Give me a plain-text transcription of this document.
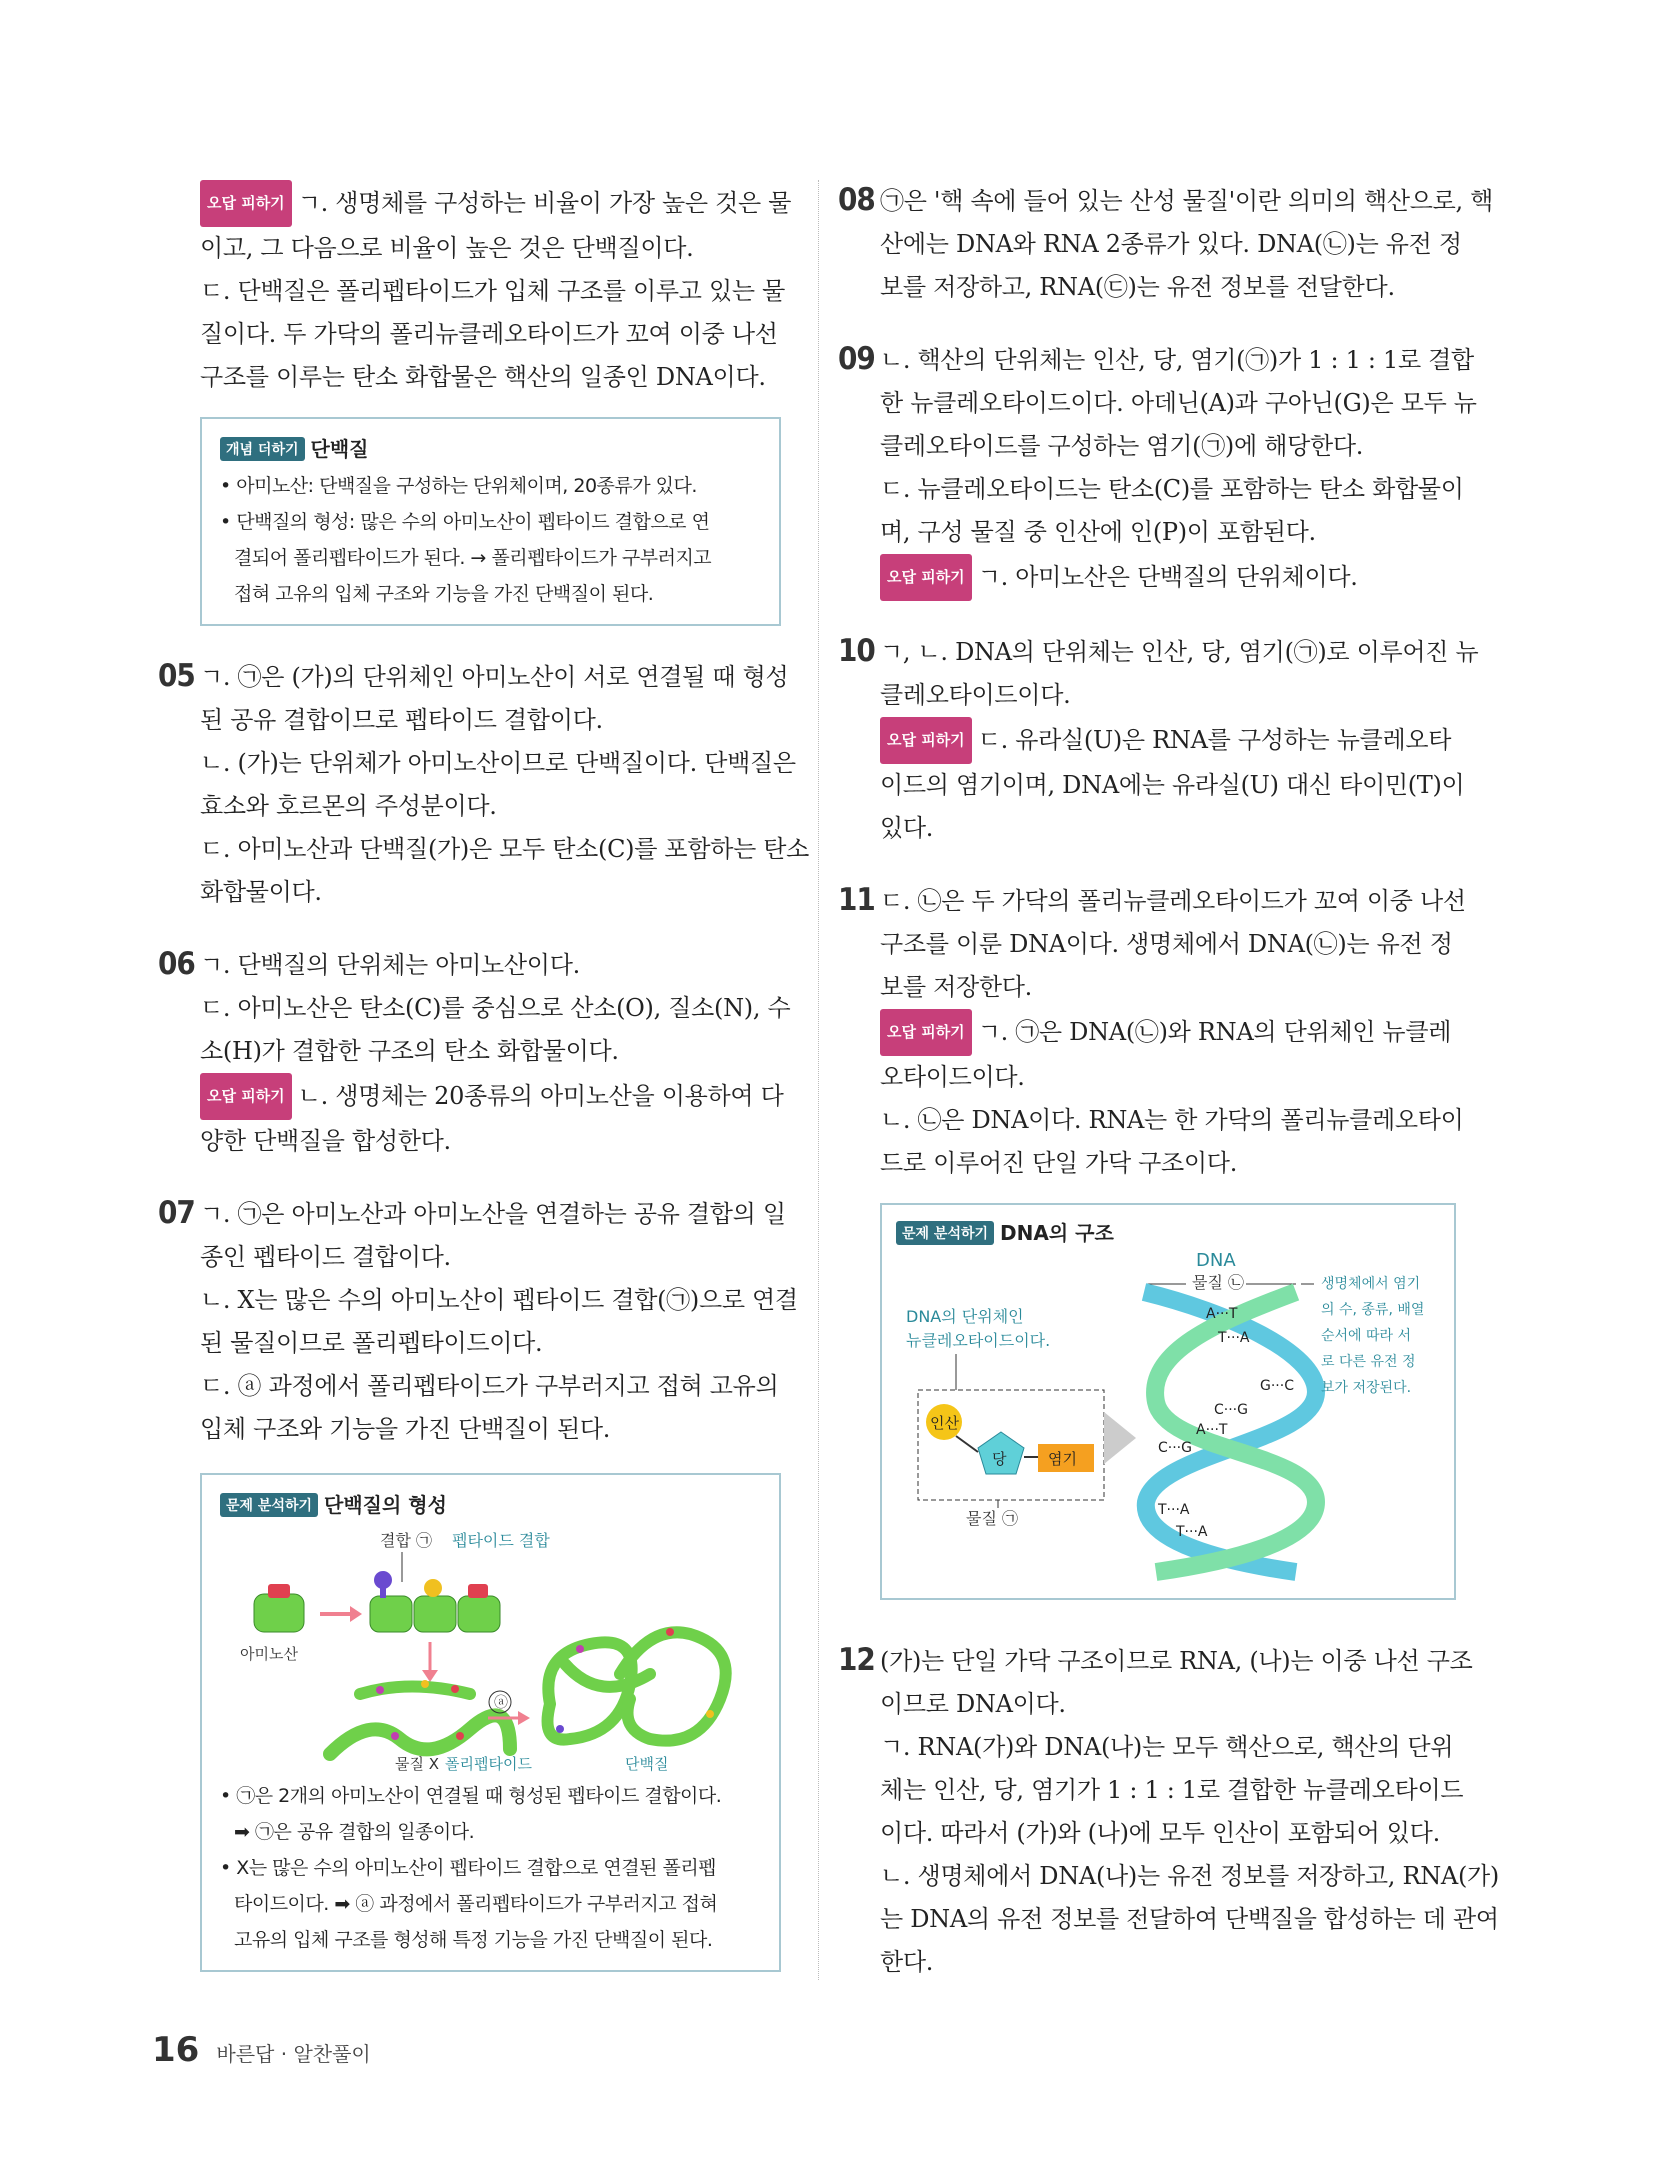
오답 피하기 ㄱ. 생명체를 구성하는 비율이 가장 높은 것은 물

이고, 그 다음으로 비율이 높은 것은 단백질이다.

ㄷ. 단백질은 폴리펩타이드가 입체 구조를 이루고 있는 물

질이다. 두 가닥의 폴리뉴클레오타이드가 꼬여 이중 나선

구조를 이루는 탄소 화합물은 핵산의 일종인 DNA이다.

개념 더하기 단백질

• 아미노산: 단백질을 구성하는 단위체이며, 20종류가 있다.

• 단백질의 형성: 많은 수의 아미노산이 펩타이드 결합으로 연

결되어 폴리펩타이드가 된다. → 폴리펩타이드가 구부러지고

접혀 고유의 입체 구조와 기능을 가진 단백질이 된다.

05 ㄱ. ㉠은 (가)의 단위체인 아미노산이 서로 연결될 때 형성

된 공유 결합이므로 펩타이드 결합이다.

ㄴ. (가)는 단위체가 아미노산이므로 단백질이다. 단백질은

효소와 호르몬의 주성분이다.

ㄷ. 아미노산과 단백질(가)은 모두 탄소(C)를 포함하는 탄소

화합물이다.

06 ㄱ. 단백질의 단위체는 아미노산이다.

ㄷ. 아미노산은 탄소(C)를 중심으로 산소(O), 질소(N), 수

소(H)가 결합한 구조의 탄소 화합물이다.

오답 피하기 ㄴ. 생명체는 20종류의 아미노산을 이용하여 다

양한 단백질을 합성한다.

07 ㄱ. ㉠은 아미노산과 아미노산을 연결하는 공유 결합의 일

종인 펩타이드 결합이다.

ㄴ. X는 많은 수의 아미노산이 펩타이드 결합(㉠)으로 연결

된 물질이므로 폴리펩타이드이다.

ㄷ. ⓐ 과정에서 폴리펩타이드가 구부러지고 접혀 고유의

입체 구조와 기능을 가진 단백질이 된다.

문제 분석하기 단백질의 형성
결합 ㉠ 펩타이드 결합
아미노산
ⓐ
물질 X 폴리펩타이드	단백질

• ㉠은 2개의 아미노산이 연결될 때 형성된 펩타이드 결합이다.

➡ ㉠은 공유 결합의 일종이다.

• X는 많은 수의 아미노산이 펩타이드 결합으로 연결된 폴리펩

타이드이다. ➡ ⓐ 과정에서 폴리펩타이드가 구부러지고 접혀

고유의 입체 구조를 형성해 특정 기능을 가진 단백질이 된다.

08 ㉠은 '핵 속에 들어 있는 산성 물질'이란 의미의 핵산으로, 핵

산에는 DNA와 RNA 2종류가 있다. DNA(㉡)는 유전 정

보를 저장하고, RNA(㉢)는 유전 정보를 전달한다.

09 ㄴ. 핵산의 단위체는 인산, 당, 염기(㉠)가 1 : 1 : 1로 결합

한 뉴클레오타이드이다. 아데닌(A)과 구아닌(G)은 모두 뉴

클레오타이드를 구성하는 염기(㉠)에 해당한다.

ㄷ. 뉴클레오타이드는 탄소(C)를 포함하는 탄소 화합물이

며, 구성 물질 중 인산에 인(P)이 포함된다.

오답 피하기 ㄱ. 아미노산은 단백질의 단위체이다.

10 ㄱ, ㄴ. DNA의 단위체는 인산, 당, 염기(㉠)로 이루어진 뉴

클레오타이드이다.

오답 피하기 ㄷ. 유라실(U)은 RNA를 구성하는 뉴클레오타

이드의 염기이며, DNA에는 유라실(U) 대신 타이민(T)이

있다.

11 ㄷ. ㉡은 두 가닥의 폴리뉴클레오타이드가 꼬여 이중 나선

구조를 이룬 DNA이다. 생명체에서 DNA(㉡)는 유전 정

보를 저장한다.

오답 피하기 ㄱ. ㉠은 DNA(㉡)와 RNA의 단위체인 뉴클레

오타이드이다.

ㄴ. ㉡은 DNA이다. RNA는 한 가닥의 폴리뉴클레오타이

드로 이루어진 단일 가닥 구조이다.

문제 분석하기 DNA의 구조
DNA
물질 ㉡
DNA의 단위체인
뉴클레오타이드이다.
인산
당	염기
물질 ㉠
A···T
T···A
G···C
C···G
A···T
C···G
T···A
T···A
생명체에서 염기
의 수, 종류, 배열
순서에 따라 서
로 다른 유전 정
보가 저장된다.
12 (가)는 단일 가닥 구조이므로 RNA, (나)는 이중 나선 구조

이므로 DNA이다.

ㄱ. RNA(가)와 DNA(나)는 모두 핵산으로, 핵산의 단위

체는 인산, 당, 염기가 1 : 1 : 1로 결합한 뉴클레오타이드

이다. 따라서 (가)와 (나)에 모두 인산이 포함되어 있다.

ㄴ. 생명체에서 DNA(나)는 유전 정보를 저장하고, RNA(가)

는 DNA의 유전 정보를 전달하여 단백질을 합성하는 데 관여

한다.

16 바른답 · 알찬풀이
